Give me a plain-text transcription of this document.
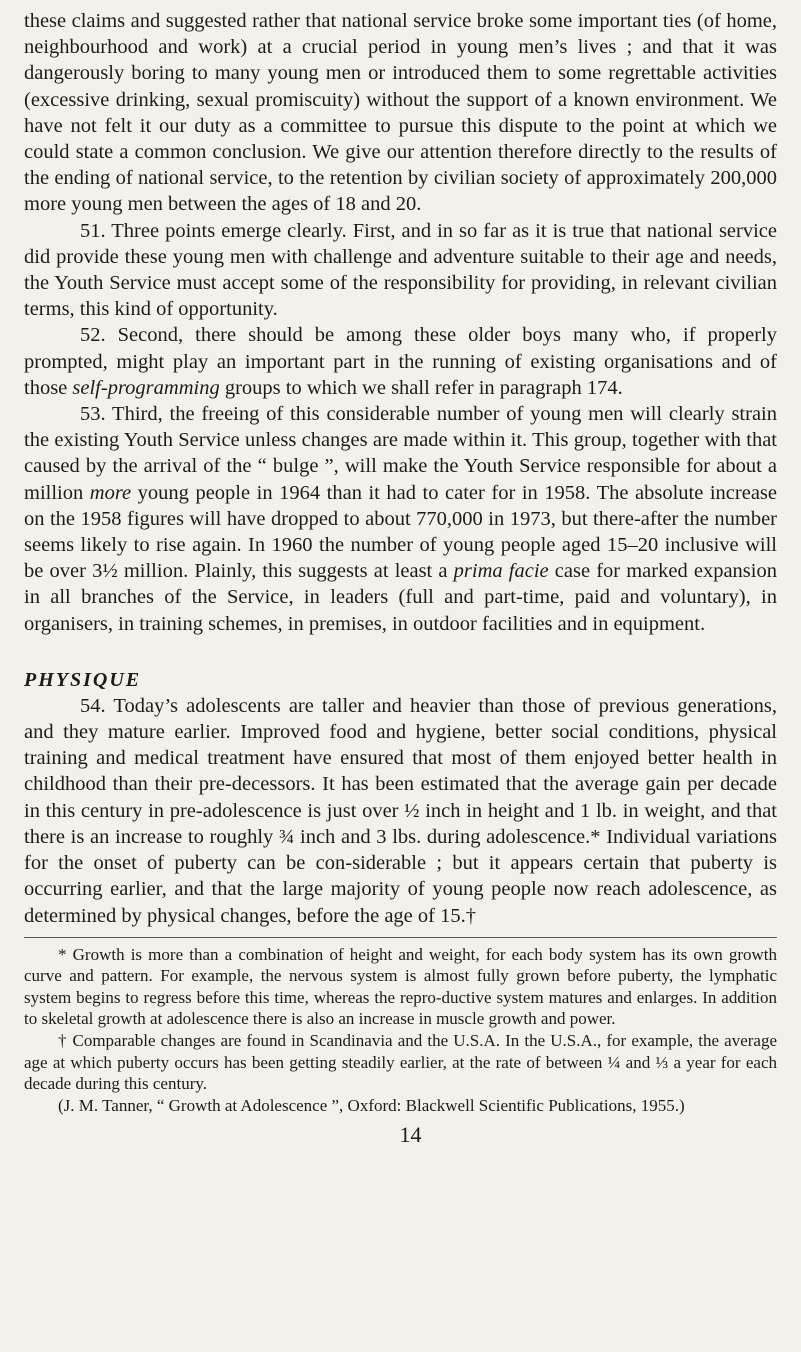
these claims and suggested rather that national service broke some important ties (of home, neighbourhood and work) at a crucial period in young men’s lives ; and that it was dangerously boring to many young men or introduced them to some regrettable activities (excessive drinking, sexual promiscuity) without the support of a known environment. We have not felt it our duty as a committee to pursue this dispute to the point at which we could state a common conclusion. We give our attention therefore directly to the results of the ending of national service, to the retention by civilian society of approximately 200,000 more young men between the ages of 18 and 20.

51. Three points emerge clearly. First, and in so far as it is true that national service did provide these young men with challenge and adventure suitable to their age and needs, the Youth Service must accept some of the responsibility for providing, in relevant civilian terms, this kind of opportunity.

52. Second, there should be among these older boys many who, if properly prompted, might play an important part in the running of existing organisations and of those self-programming groups to which we shall refer in paragraph 174.

53. Third, the freeing of this considerable number of young men will clearly strain the existing Youth Service unless changes are made within it. This group, together with that caused by the arrival of the “ bulge ”, will make the Youth Service responsible for about a million more young people in 1964 than it had to cater for in 1958. The absolute increase on the 1958 figures will have dropped to about 770,000 in 1973, but there-after the number seems likely to rise again. In 1960 the number of young people aged 15–20 inclusive will be over 3½ million. Plainly, this suggests at least a prima facie case for marked expansion in all branches of the Service, in leaders (full and part-time, paid and voluntary), in organisers, in training schemes, in premises, in outdoor facilities and in equipment.

PHYSIQUE

54. Today’s adolescents are taller and heavier than those of previous generations, and they mature earlier. Improved food and hygiene, better social conditions, physical training and medical treatment have ensured that most of them enjoyed better health in childhood than their pre-decessors. It has been estimated that the average gain per decade in this century in pre-adolescence is just over ½ inch in height and 1 lb. in weight, and that there is an increase to roughly ¾ inch and 3 lbs. during adolescence.* Individual variations for the onset of puberty can be con-siderable ; but it appears certain that puberty is occurring earlier, and that the large majority of young people now reach adolescence, as determined by physical changes, before the age of 15.†

* Growth is more than a combination of height and weight, for each body system has its own growth curve and pattern. For example, the nervous system is almost fully grown before puberty, the lymphatic system begins to regress before this time, whereas the repro-ductive system matures and enlarges. In addition to skeletal growth at adolescence there is also an increase in muscle growth and power.

† Comparable changes are found in Scandinavia and the U.S.A. In the U.S.A., for example, the average age at which puberty occurs has been getting steadily earlier, at the rate of between ¼ and ⅓ a year for each decade during this century.

(J. M. Tanner, “ Growth at Adolescence ”, Oxford: Blackwell Scientific Publications, 1955.)

14
